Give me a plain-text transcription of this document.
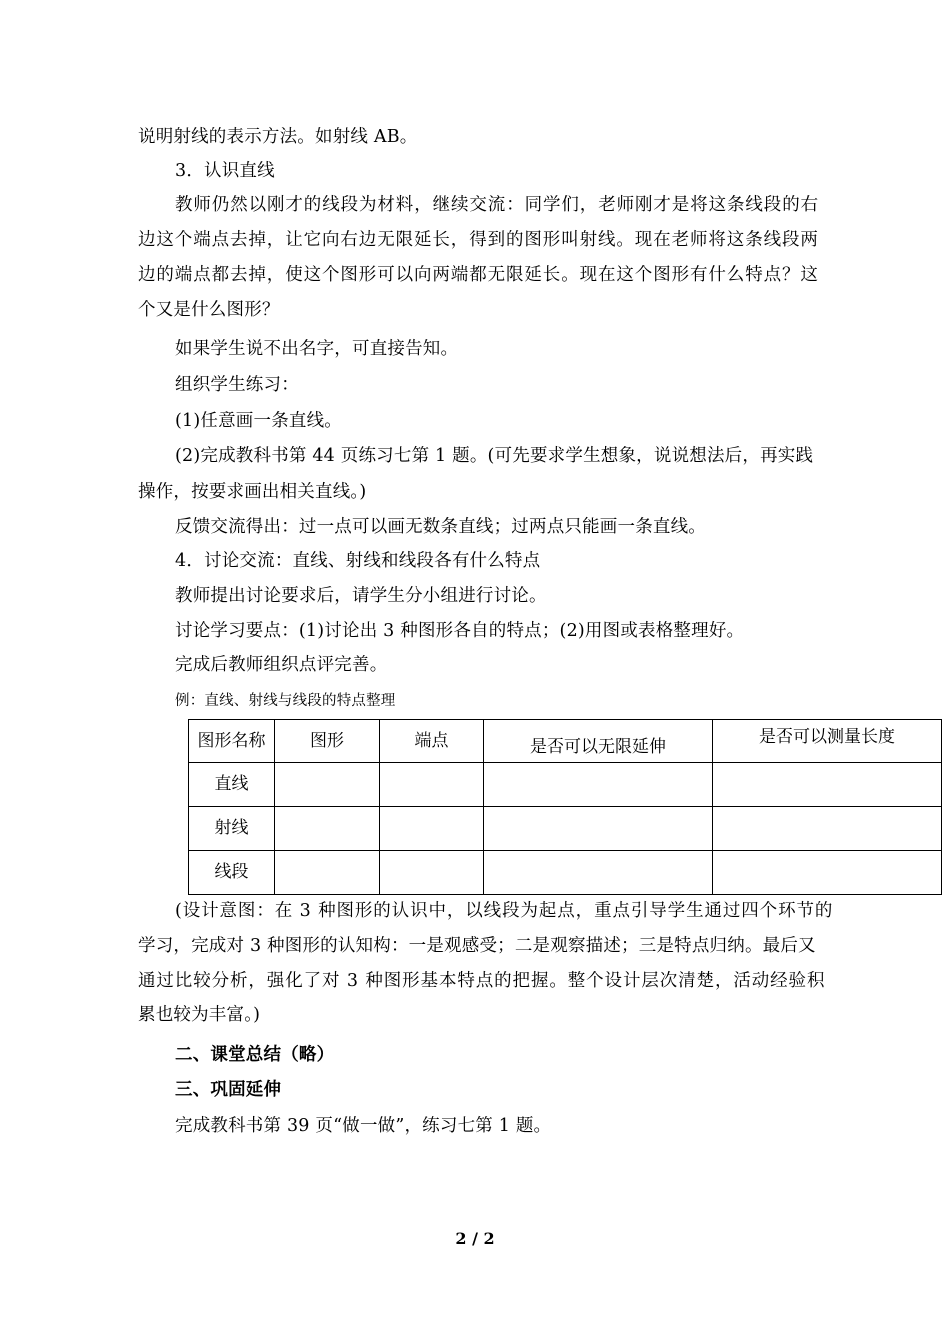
说明射线的表示方法。如射线 AB。
3．认识直线
教师仍然以刚才的线段为材料，继续交流：同学们，老师刚才是将这条线段的右
边这个端点去掉，让它向右边无限延长，得到的图形叫射线。现在老师将这条线段两
边的端点都去掉，使这个图形可以向两端都无限延长。现在这个图形有什么特点？这
个又是什么图形？
如果学生说不出名字，可直接告知。
组织学生练习：
(1)任意画一条直线。
(2)完成教科书第 44 页练习七第 1 题。(可先要求学生想象，说说想法后，再实践
操作，按要求画出相关直线。)
反馈交流得出：过一点可以画无数条直线；过两点只能画一条直线。
4．讨论交流：直线、射线和线段各有什么特点
教师提出讨论要求后，请学生分小组进行讨论。
讨论学习要点：(1)讨论出 3 种图形各自的特点；(2)用图或表格整理好。
完成后教师组织点评完善。
例：直线、射线与线段的特点整理
图形名称	图形	端点	是否可以无限延伸	是否可以测量长度

直线				

射线				

线段				

(设计意图：在 3 种图形的认识中，以线段为起点，重点引导学生通过四个环节的
学习，完成对 3 种图形的认知构：一是观感受；二是观察描述；三是特点归纳。最后又
通过比较分析，强化了对 3 种图形基本特点的把握。整个设计层次清楚，活动经验积
累也较为丰富。)
二、课堂总结（略）
三、巩固延伸
完成教科书第 39 页“做一做”，练习七第 1 题。
2 / 2
